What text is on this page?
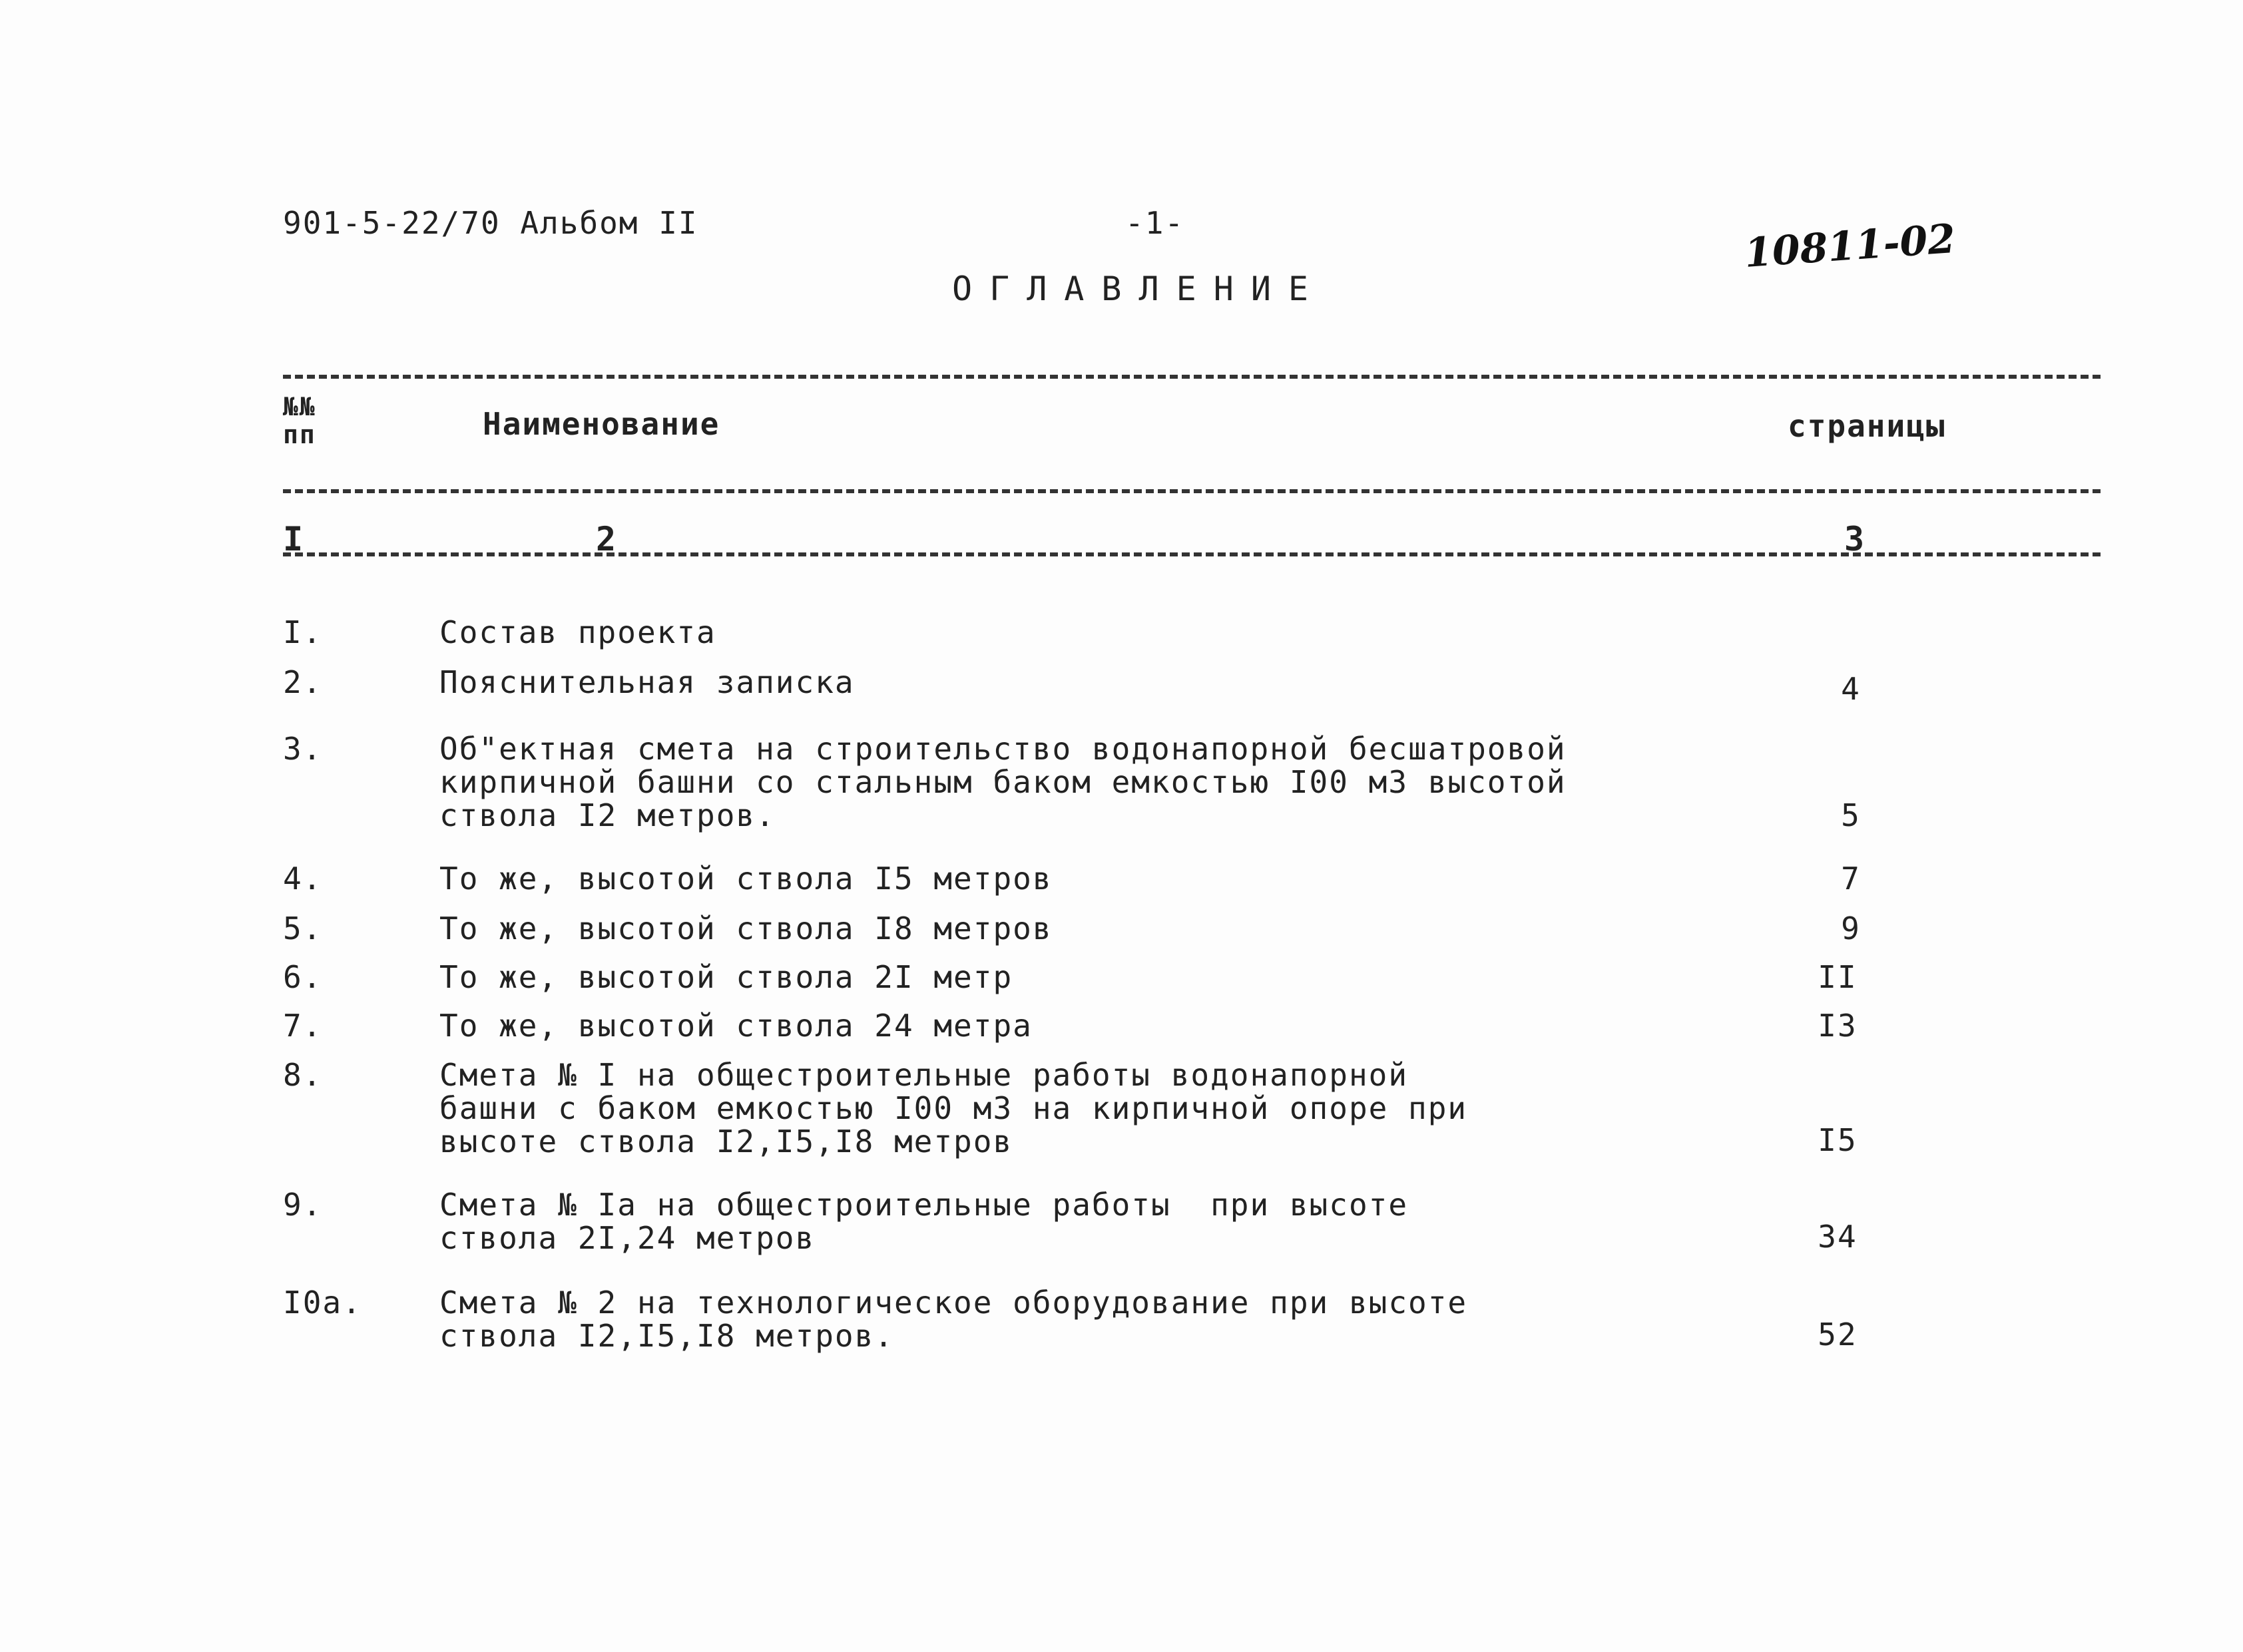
901-5-22/70 Альбом II	-1-	10811-02
ОГЛАВЛЕНИЕ
№№
пп	Наименование	страницы
I	2	3
I.	Состав проекта
2.	Пояснительная записка	4
3.	Об"ектная смета на строительство водонапорной бесшатровой
кирпичной башни со стальным баком емкостью I00 м3 высотой
ствола I2 метров.	5
4.	То же, высотой ствола I5 метров	7
5.	То же, высотой ствола I8 метров	9
6.	То же, высотой ствола 2I метр	II
7.	То же, высотой ствола 24 метра	I3
8.	Смета № I на общестроительные работы водонапорной
башни с баком емкостью I00 м3 на кирпичной опоре при
высоте ствола I2,I5,I8 метров	I5
9.	Смета № Iа на общестроительные работы  при высоте
ствола 2I,24 метров	34
I0а.	Смета № 2 на технологическое оборудование при высоте
ствола I2,I5,I8 метров.	52
